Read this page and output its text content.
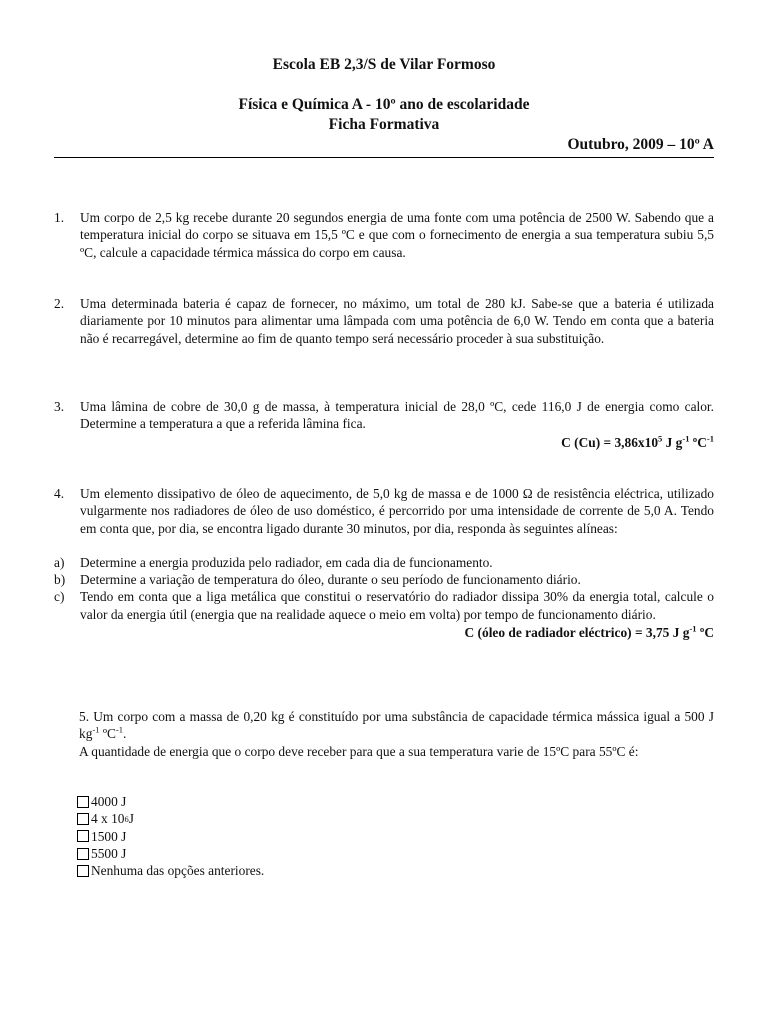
Escola EB 2,3/S de Vilar Formoso
Física e Química A - 10º ano de escolaridade
Ficha Formativa
Outubro, 2009 – 10º A
1.	Um corpo de 2,5 kg recebe durante 20 segundos energia de uma fonte com uma potência de 2500 W. Sabendo que a temperatura inicial do corpo se situava em 15,5 ºC e que com o fornecimento de energia a sua temperatura subiu 5,5 ºC, calcule a capacidade térmica mássica do corpo em causa.
2.	Uma determinada bateria é capaz de fornecer, no máximo, um total de 280 kJ. Sabe-se que a bateria é utilizada diariamente por 10 minutos para alimentar uma lâmpada com uma potência de 6,0 W. Tendo em conta que a bateria não é recarregável, determine ao fim de quanto tempo será necessário proceder à sua substituição.
3.	Uma lâmina de cobre de 30,0 g de massa, à temperatura inicial de 28,0 ºC, cede 116,0 J de energia como calor. Determine a temperatura a que a referida lâmina fica.
C $(Cu) = 3,86x10^5$ J $g^{-1}$ ºC$^{-1}$
4.	Um elemento dissipativo de óleo de aquecimento, de 5,0 kg de massa e de 1000 Ω de resistência eléctrica, utilizado vulgarmente nos radiadores de óleo de uso doméstico, é percorrido por uma intensidade de corrente de 5,0 A. Tendo em conta que, por dia, se encontra ligado durante 30 minutos, por dia, responda às seguintes alíneas:
a)	Determine a energia produzida pelo radiador, em cada dia de funcionamento.
b)	Determine a variação de temperatura do óleo, durante o seu período de funcionamento diário.
c)	Tendo em conta que a liga metálica que constitui o reservatório do radiador dissipa 30% da energia total, calcule o valor da energia útil (energia que na realidade aquece o meio em volta) por tempo de funcionamento diário.
C (óleo de radiador eléctrico) = 3,75 J $g^{-1}$ ºC
5. Um corpo com a massa de 0,20 kg é constituído por uma substância de capacidade térmica mássica igual a 500 J $kg^{-1}$ ºC$^{-1}$.
A quantidade de energia que o corpo deve receber para que a sua temperatura varie de 15ºC para 55ºC é:
4000 J
4 x 10 6 J
1500 J
5500 J
Nenhuma das opções anteriores.
